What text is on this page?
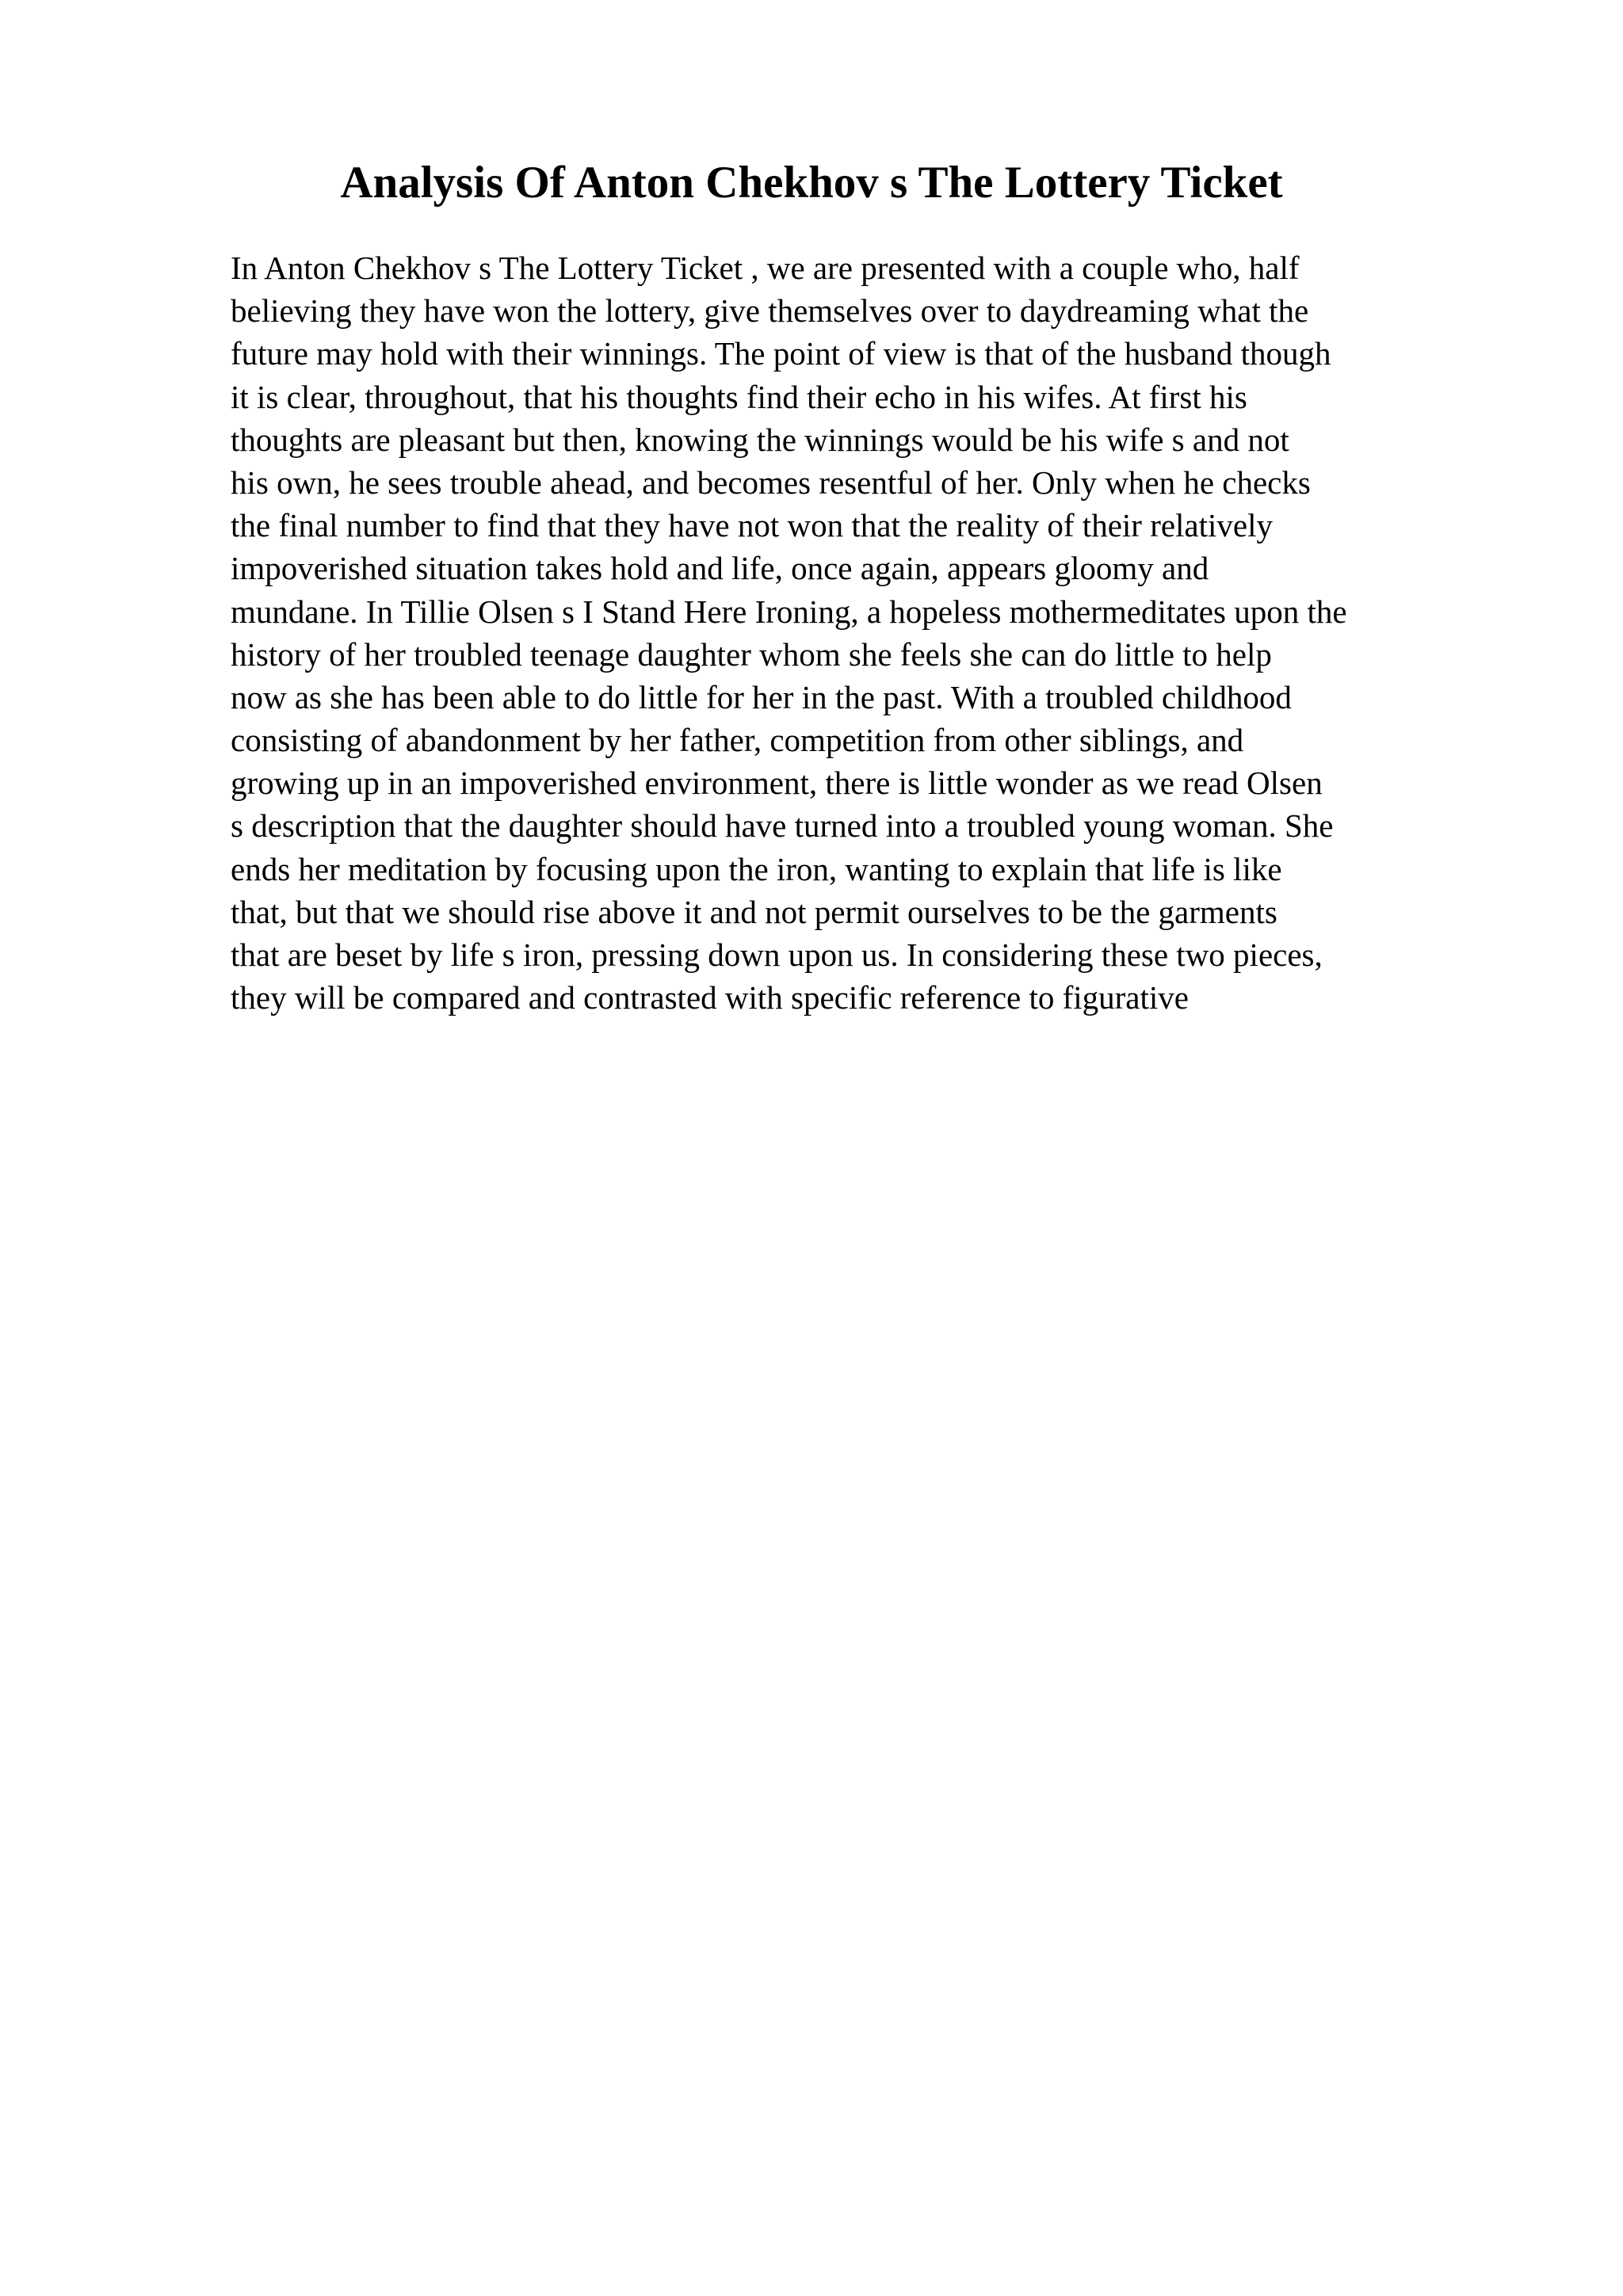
Analysis Of Anton Chekhov s The Lottery Ticket
In Anton Chekhov s The Lottery Ticket , we are presented with a couple who, half
believing they have won the lottery, give themselves over to daydreaming what the
future may hold with their winnings. The point of view is that of the husband though
it is clear, throughout, that his thoughts find their echo in his wifes. At first his
thoughts are pleasant but then, knowing the winnings would be his wife s and not
his own, he sees trouble ahead, and becomes resentful of her. Only when he checks
the final number to find that they have not won that the reality of their relatively
impoverished situation takes hold and life, once again, appears gloomy and
mundane. In Tillie Olsen s I Stand Here Ironing, a hopeless mothermeditates upon the
history of her troubled teenage daughter whom she feels she can do little to help
now as she has been able to do little for her in the past. With a troubled childhood
consisting of abandonment by her father, competition from other siblings, and
growing up in an impoverished environment, there is little wonder as we read Olsen
s description that the daughter should have turned into a troubled young woman. She
ends her meditation by focusing upon the iron, wanting to explain that life is like
that, but that we should rise above it and not permit ourselves to be the garments
that are beset by life s iron, pressing down upon us. In considering these two pieces,
they will be compared and contrasted with specific reference to figurative
